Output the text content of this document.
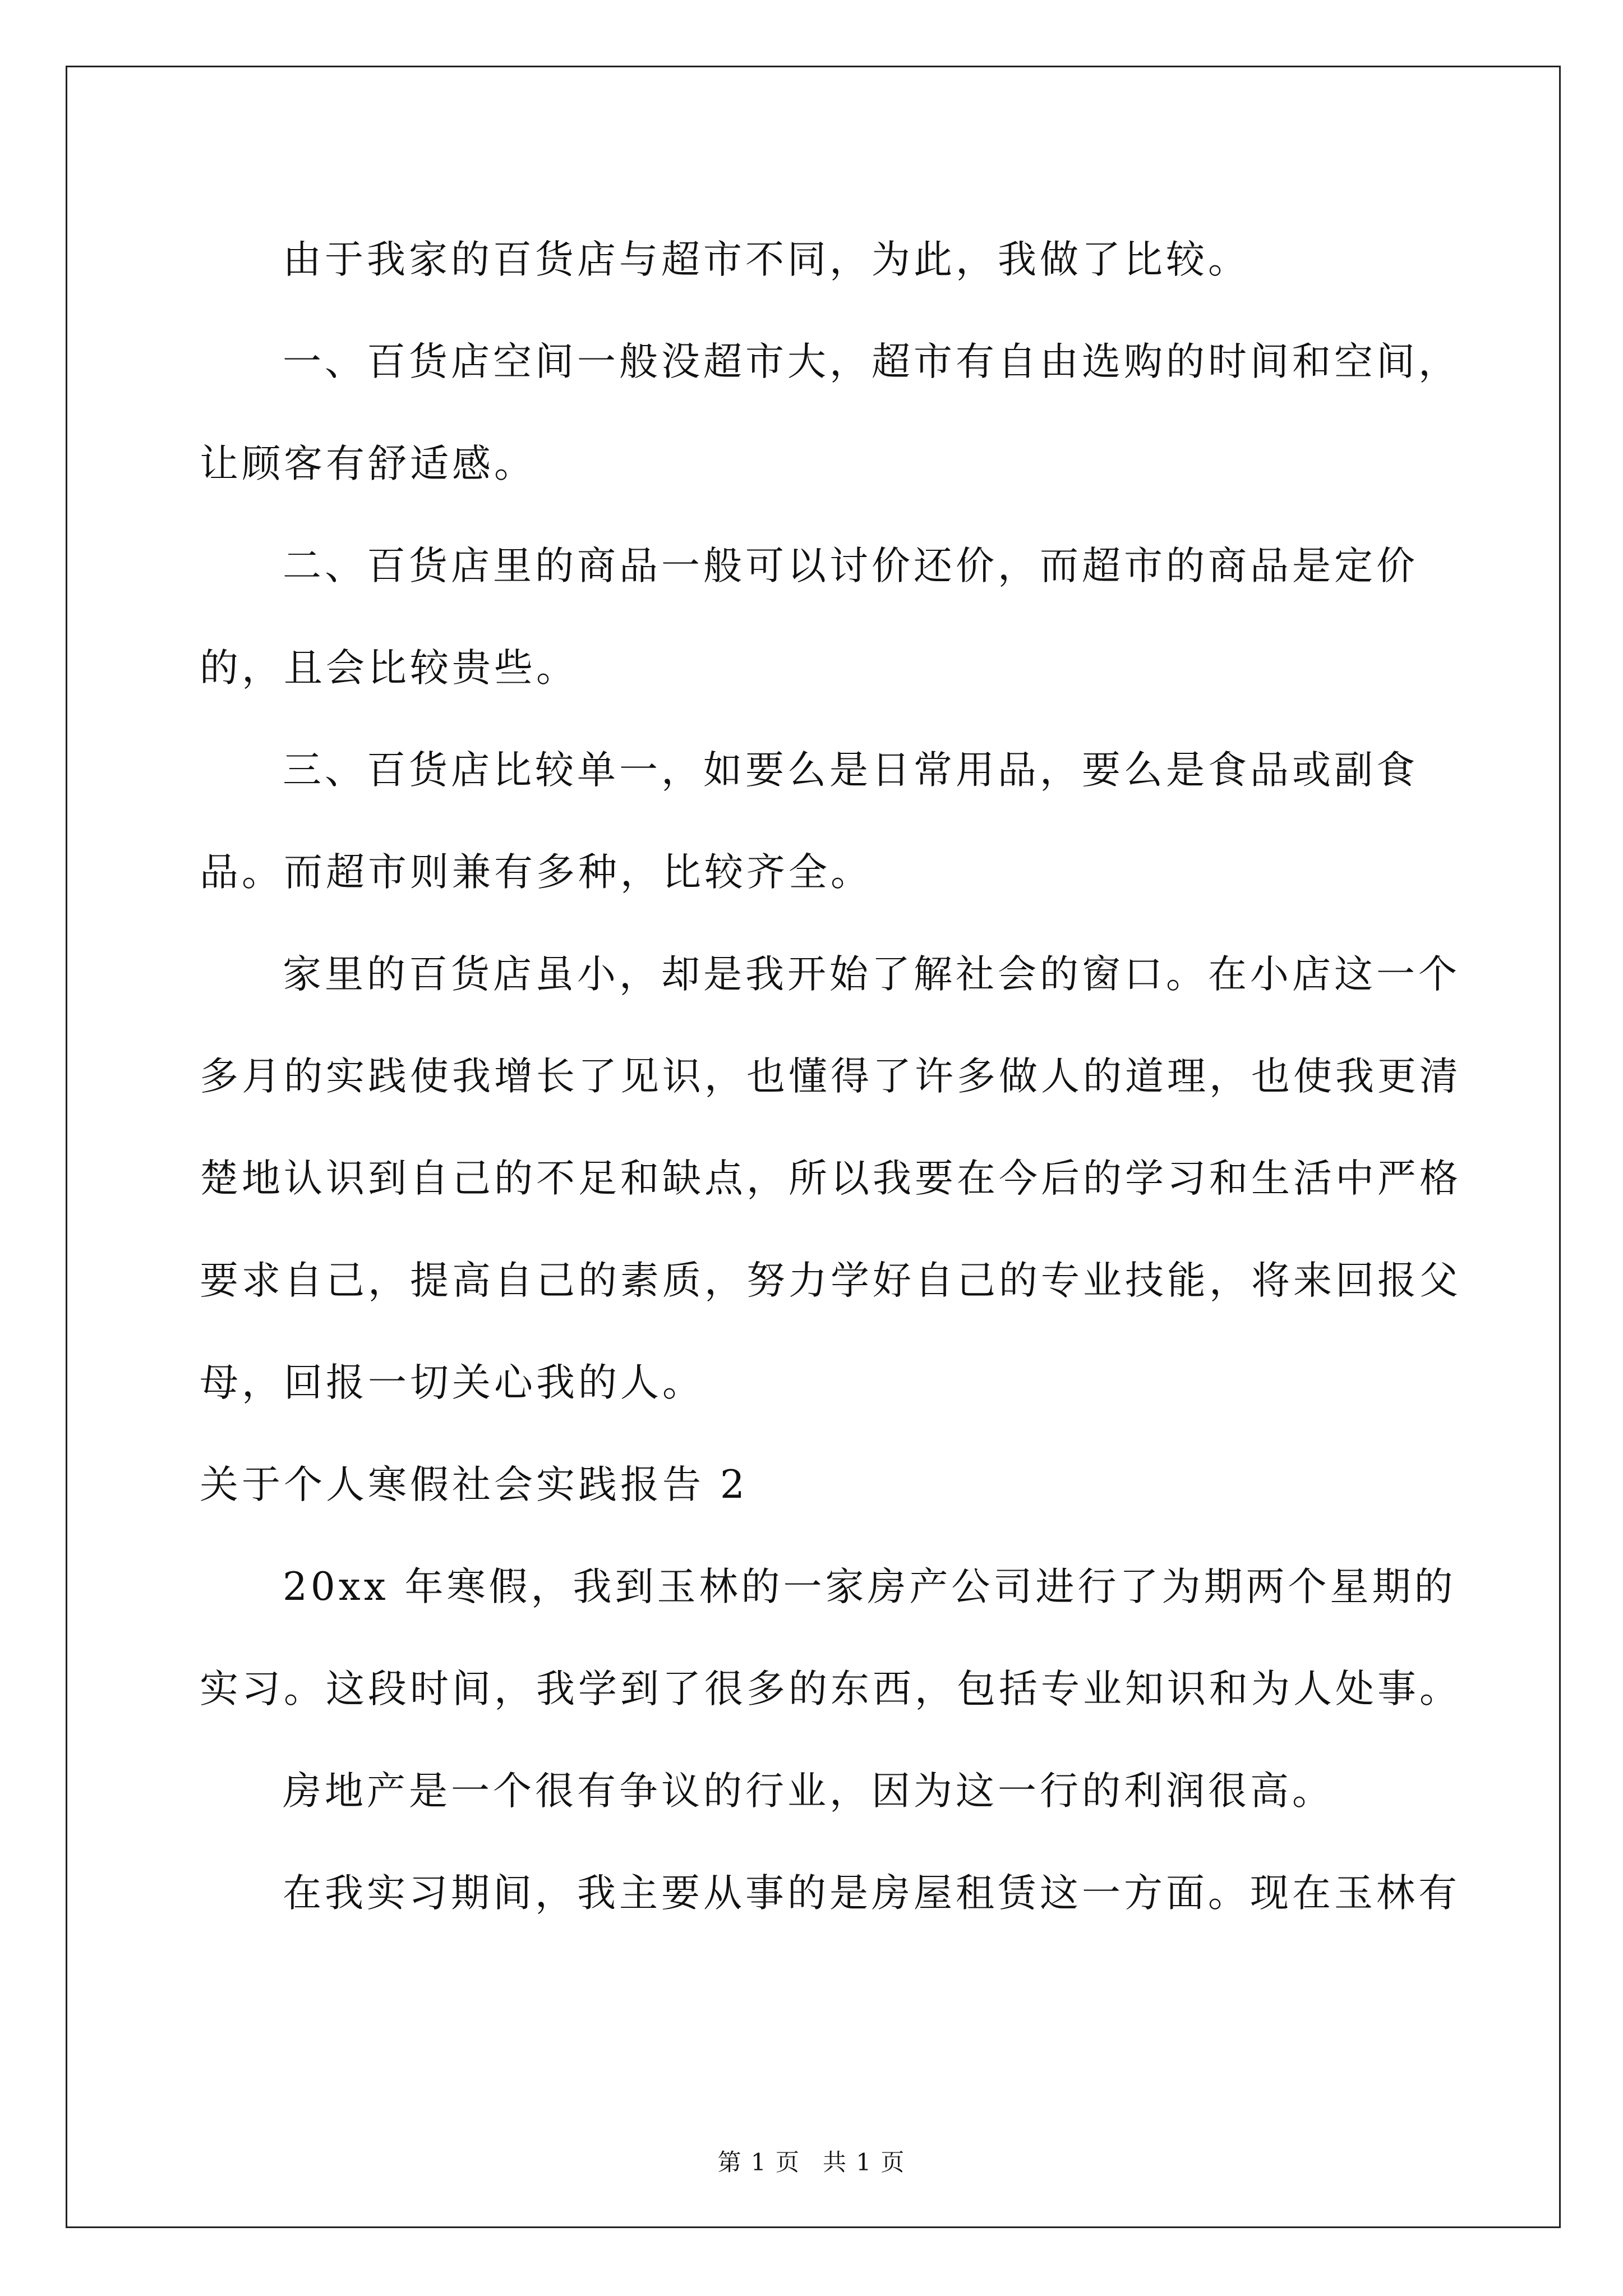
由于我家的百货店与超市不同，为此，我做了比较。

一、百货店空间一般没超市大，超市有自由选购的时间和空间，让顾客有舒适感。

二、百货店里的商品一般可以讨价还价，而超市的商品是定价的，且会比较贵些。

三、百货店比较单一，如要么是日常用品，要么是食品或副食品。而超市则兼有多种，比较齐全。

家里的百货店虽小，却是我开始了解社会的窗口。在小店这一个多月的实践使我增长了见识，也懂得了许多做人的道理，也使我更清楚地认识到自己的不足和缺点，所以我要在今后的学习和生活中严格要求自己，提高自己的素质，努力学好自己的专业技能，将来回报父母，回报一切关心我的人。

关于个人寒假社会实践报告 2

20xx 年寒假，我到玉林的一家房产公司进行了为期两个星期的实习。这段时间，我学到了很多的东西，包括专业知识和为人处事。

房地产是一个很有争议的行业，因为这一行的利润很高。

在我实习期间，我主要从事的是房屋租赁这一方面。现在玉林有

第 1 页 共 1 页
